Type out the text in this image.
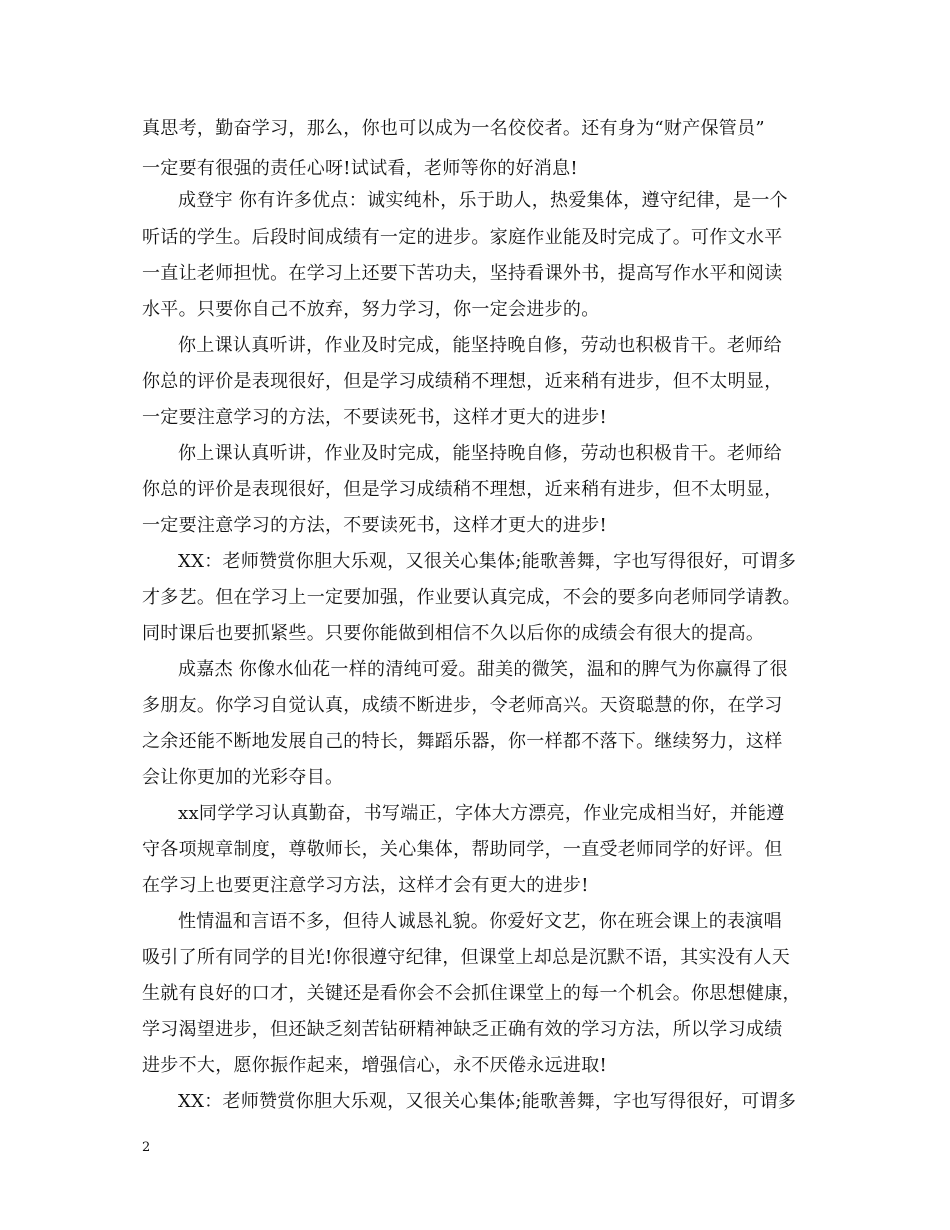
真思考，勤奋学习，那么，你也可以成为一名佼佼者。还有身为“财产保管员”
一定要有很强的责任心呀!试试看，老师等你的好消息!
成登宇 你有许多优点：诚实纯朴，乐于助人，热爱集体，遵守纪律，是一个
听话的学生。后段时间成绩有一定的进步。家庭作业能及时完成了。可作文水平
一直让老师担忧。在学习上还要下苦功夫，坚持看课外书，提高写作水平和阅读
水平。只要你自己不放弃，努力学习，你一定会进步的。
你上课认真听讲，作业及时完成，能坚持晚自修，劳动也积极肯干。老师给
你总的评价是表现很好，但是学习成绩稍不理想，近来稍有进步，但不太明显，
一定要注意学习的方法，不要读死书，这样才更大的进步!
你上课认真听讲，作业及时完成，能坚持晚自修，劳动也积极肯干。老师给
你总的评价是表现很好，但是学习成绩稍不理想，近来稍有进步，但不太明显，
一定要注意学习的方法，不要读死书，这样才更大的进步!
XX：老师赞赏你胆大乐观，又很关心集体;能歌善舞，字也写得很好，可谓多
才多艺。但在学习上一定要加强，作业要认真完成，不会的要多向老师同学请教。
同时课后也要抓紧些。只要你能做到相信不久以后你的成绩会有很大的提高。
成嘉杰 你像水仙花一样的清纯可爱。甜美的微笑，温和的脾气为你赢得了很
多朋友。你学习自觉认真，成绩不断进步，令老师高兴。天资聪慧的你，在学习
之余还能不断地发展自己的特长，舞蹈乐器，你一样都不落下。继续努力，这样
会让你更加的光彩夺目。
xx同学学习认真勤奋，书写端正，字体大方漂亮，作业完成相当好，并能遵
守各项规章制度，尊敬师长，关心集体，帮助同学，一直受老师同学的好评。但
在学习上也要更注意学习方法，这样才会有更大的进步!
性情温和言语不多，但待人诚恳礼貌。你爱好文艺，你在班会课上的表演唱
吸引了所有同学的目光!你很遵守纪律，但课堂上却总是沉默不语，其实没有人天
生就有良好的口才，关键还是看你会不会抓住课堂上的每一个机会。你思想健康，
学习渴望进步，但还缺乏刻苦钻研精神缺乏正确有效的学习方法，所以学习成绩
进步不大，愿你振作起来，增强信心，永不厌倦永远进取!
XX：老师赞赏你胆大乐观，又很关心集体;能歌善舞，字也写得很好，可谓多
2
